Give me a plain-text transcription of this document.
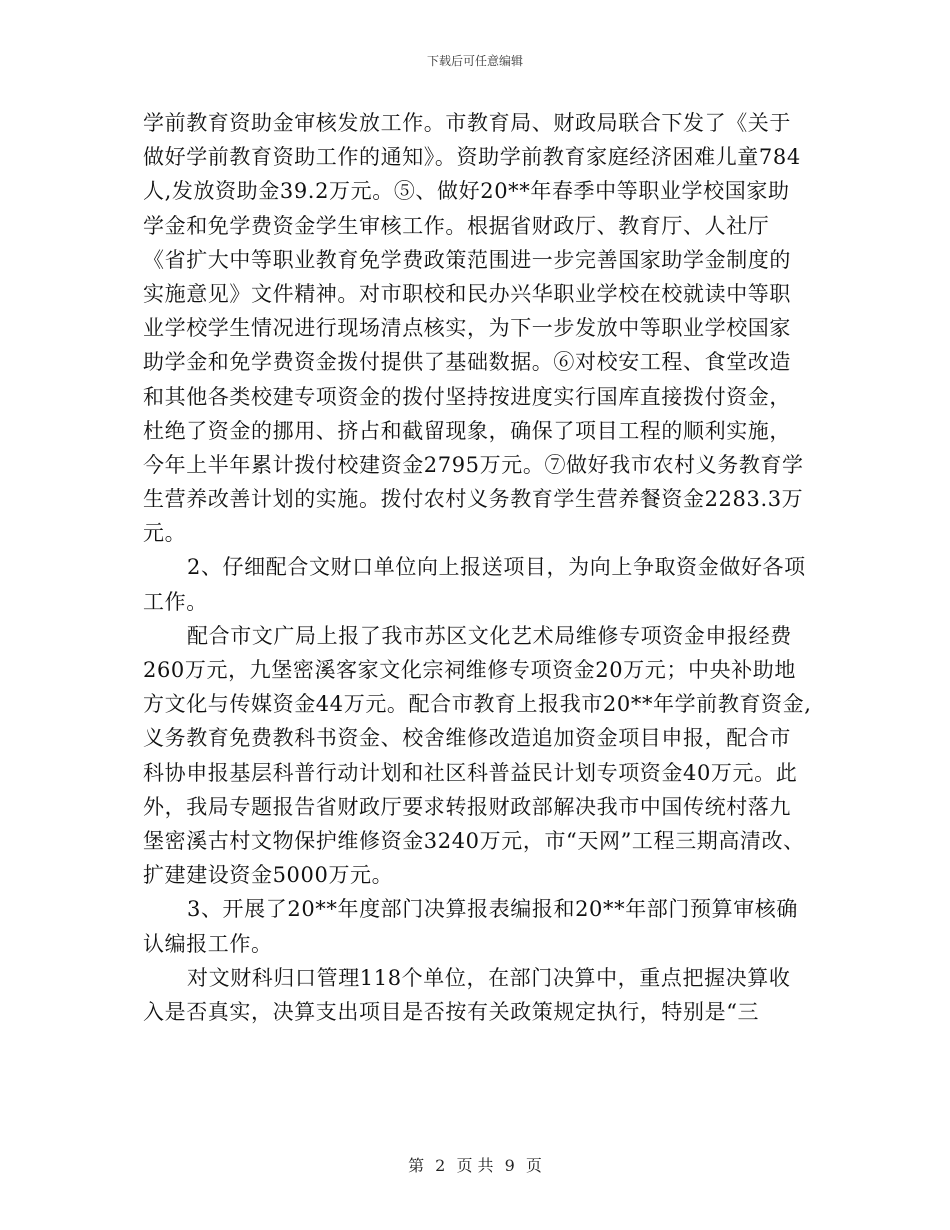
下载后可任意编辑
学前教育资助金审核发放工作。市教育局、财政局联合下发了《关于
做好学前教育资助工作的通知》。资助学前教育家庭经济困难儿童784
人,发放资助金39.2万元。⑤、做好20**年春季中等职业学校国家助
学金和免学费资金学生审核工作。根据省财政厅、教育厅、人社厅
《省扩大中等职业教育免学费政策范围进一步完善国家助学金制度的
实施意见》文件精神。对市职校和民办兴华职业学校在校就读中等职
业学校学生情况进行现场清点核实，为下一步发放中等职业学校国家
助学金和免学费资金拨付提供了基础数据。⑥对校安工程、食堂改造
和其他各类校建专项资金的拨付坚持按进度实行国库直接拨付资金，
杜绝了资金的挪用、挤占和截留现象，确保了项目工程的顺利实施，
今年上半年累计拨付校建资金2795万元。⑦做好我市农村义务教育学
生营养改善计划的实施。拨付农村义务教育学生营养餐资金2283.3万
元。
2、仔细配合文财口单位向上报送项目，为向上争取资金做好各项
工作。
配合市文广局上报了我市苏区文化艺术局维修专项资金申报经费
260万元，九堡密溪客家文化宗祠维修专项资金20万元；中央补助地
方文化与传媒资金44万元。配合市教育上报我市20**年学前教育资金,
义务教育免费教科书资金、校舍维修改造追加资金项目申报，配合市
科协申报基层科普行动计划和社区科普益民计划专项资金40万元。此
外，我局专题报告省财政厅要求转报财政部解决我市中国传统村落九
堡密溪古村文物保护维修资金3240万元，市“天网”工程三期高清改、
扩建建设资金5000万元。
3、开展了20**年度部门决算报表编报和20**年部门预算审核确
认编报工作。
对文财科归口管理118个单位，在部门决算中，重点把握决算收
入是否真实，决算支出项目是否按有关政策规定执行，特别是“三
第 2 页 共 9 页
